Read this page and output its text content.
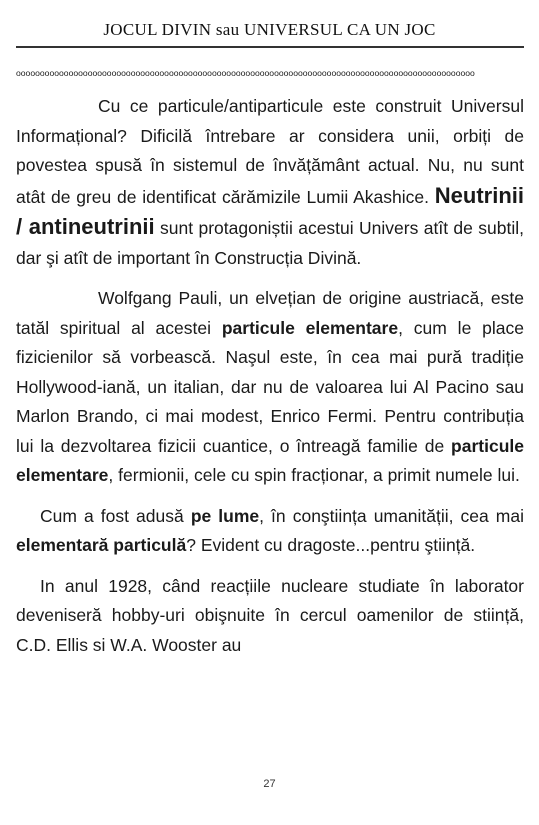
JOCUL DIVIN sau UNIVERSUL CA UN JOC
oooooooooooooooooooooooooooooooooooooooooooooooooooooooooooooooooooooooooooooooooooooooooooooooo

Cu ce particule/antiparticule este construit Universul Informațional? Dificilă întrebare ar considera unii, orbiți de povestea spusă în sistemul de învățământ actual. Nu, nu sunt atât de greu de identificat cărămizile Lumii Akashice. Neutrinii / antineutrinii sunt protagoniștii acestui Univers atît de subtil, dar şi atît de important în Construcția Divină.

Wolfgang Pauli, un elvețian de origine austriacă, este tatăl spiritual al acestei particule elementare, cum le place fizicienilor să vorbească. Naşul este, în cea mai pură tradiție Hollywood-iană, un italian, dar nu de valoarea lui Al Pacino sau Marlon Brando, ci mai modest, Enrico Fermi. Pentru contribuția lui la dezvoltarea fizicii cuantice, o întreagă familie de particule elementare, fermionii, cele cu spin fracționar, a primit numele lui.

Cum a fost adusă pe lume, în conştiința umanității, cea mai elementară particulă? Evident cu dragoste...pentru ştiință.

In anul 1928, când reacțiile nucleare studiate în laborator deveniseră hobby-uri obişnuite în cercul oamenilor de stiință, C.D. Ellis si W.A. Wooster au

27
